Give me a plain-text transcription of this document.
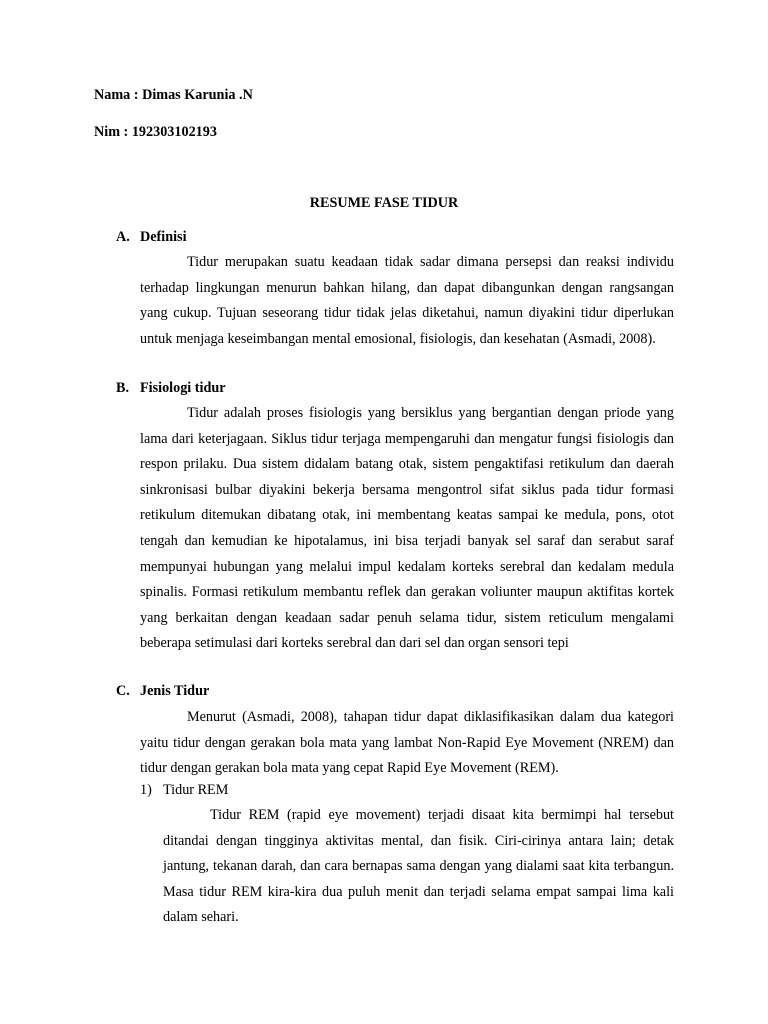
Nama : Dimas Karunia .N
Nim : 192303102193
RESUME FASE TIDUR
A. Definisi
Tidur merupakan suatu keadaan tidak sadar dimana persepsi dan reaksi individu terhadap lingkungan menurun bahkan hilang, dan dapat dibangunkan dengan rangsangan yang cukup. Tujuan seseorang tidur tidak jelas diketahui, namun diyakini tidur diperlukan untuk menjaga keseimbangan mental emosional, fisiologis, dan kesehatan (Asmadi, 2008).
B. Fisiologi tidur
Tidur adalah proses fisiologis yang bersiklus yang bergantian dengan priode yang lama dari keterjagaan. Siklus tidur terjaga mempengaruhi dan mengatur fungsi fisiologis dan respon prilaku. Dua sistem didalam batang otak, sistem pengaktifasi retikulum dan daerah sinkronisasi bulbar diyakini bekerja bersama mengontrol sifat siklus pada tidur formasi retikulum ditemukan dibatang otak, ini membentang keatas sampai ke medula, pons, otot tengah dan kemudian ke hipotalamus, ini bisa terjadi banyak sel saraf dan serabut saraf mempunyai hubungan yang melalui impul kedalam korteks serebral dan kedalam medula spinalis. Formasi retikulum membantu reflek dan gerakan voliunter maupun aktifitas kortek yang berkaitan dengan keadaan sadar penuh selama tidur, sistem reticulum mengalami beberapa setimulasi dari korteks serebral dan dari sel dan organ sensori tepi
C. Jenis Tidur
Menurut (Asmadi, 2008), tahapan tidur dapat diklasifikasikan dalam dua kategori yaitu tidur dengan gerakan bola mata yang lambat Non-Rapid Eye Movement (NREM) dan tidur dengan gerakan bola mata yang cepat Rapid Eye Movement (REM).
1) Tidur REM
Tidur REM (rapid eye movement) terjadi disaat kita bermimpi hal tersebut ditandai dengan tingginya aktivitas mental, dan fisik. Ciri-cirinya antara lain; detak jantung, tekanan darah, dan cara bernapas sama dengan yang dialami saat kita terbangun. Masa tidur REM kira-kira dua puluh menit dan terjadi selama empat sampai lima kali dalam sehari.
